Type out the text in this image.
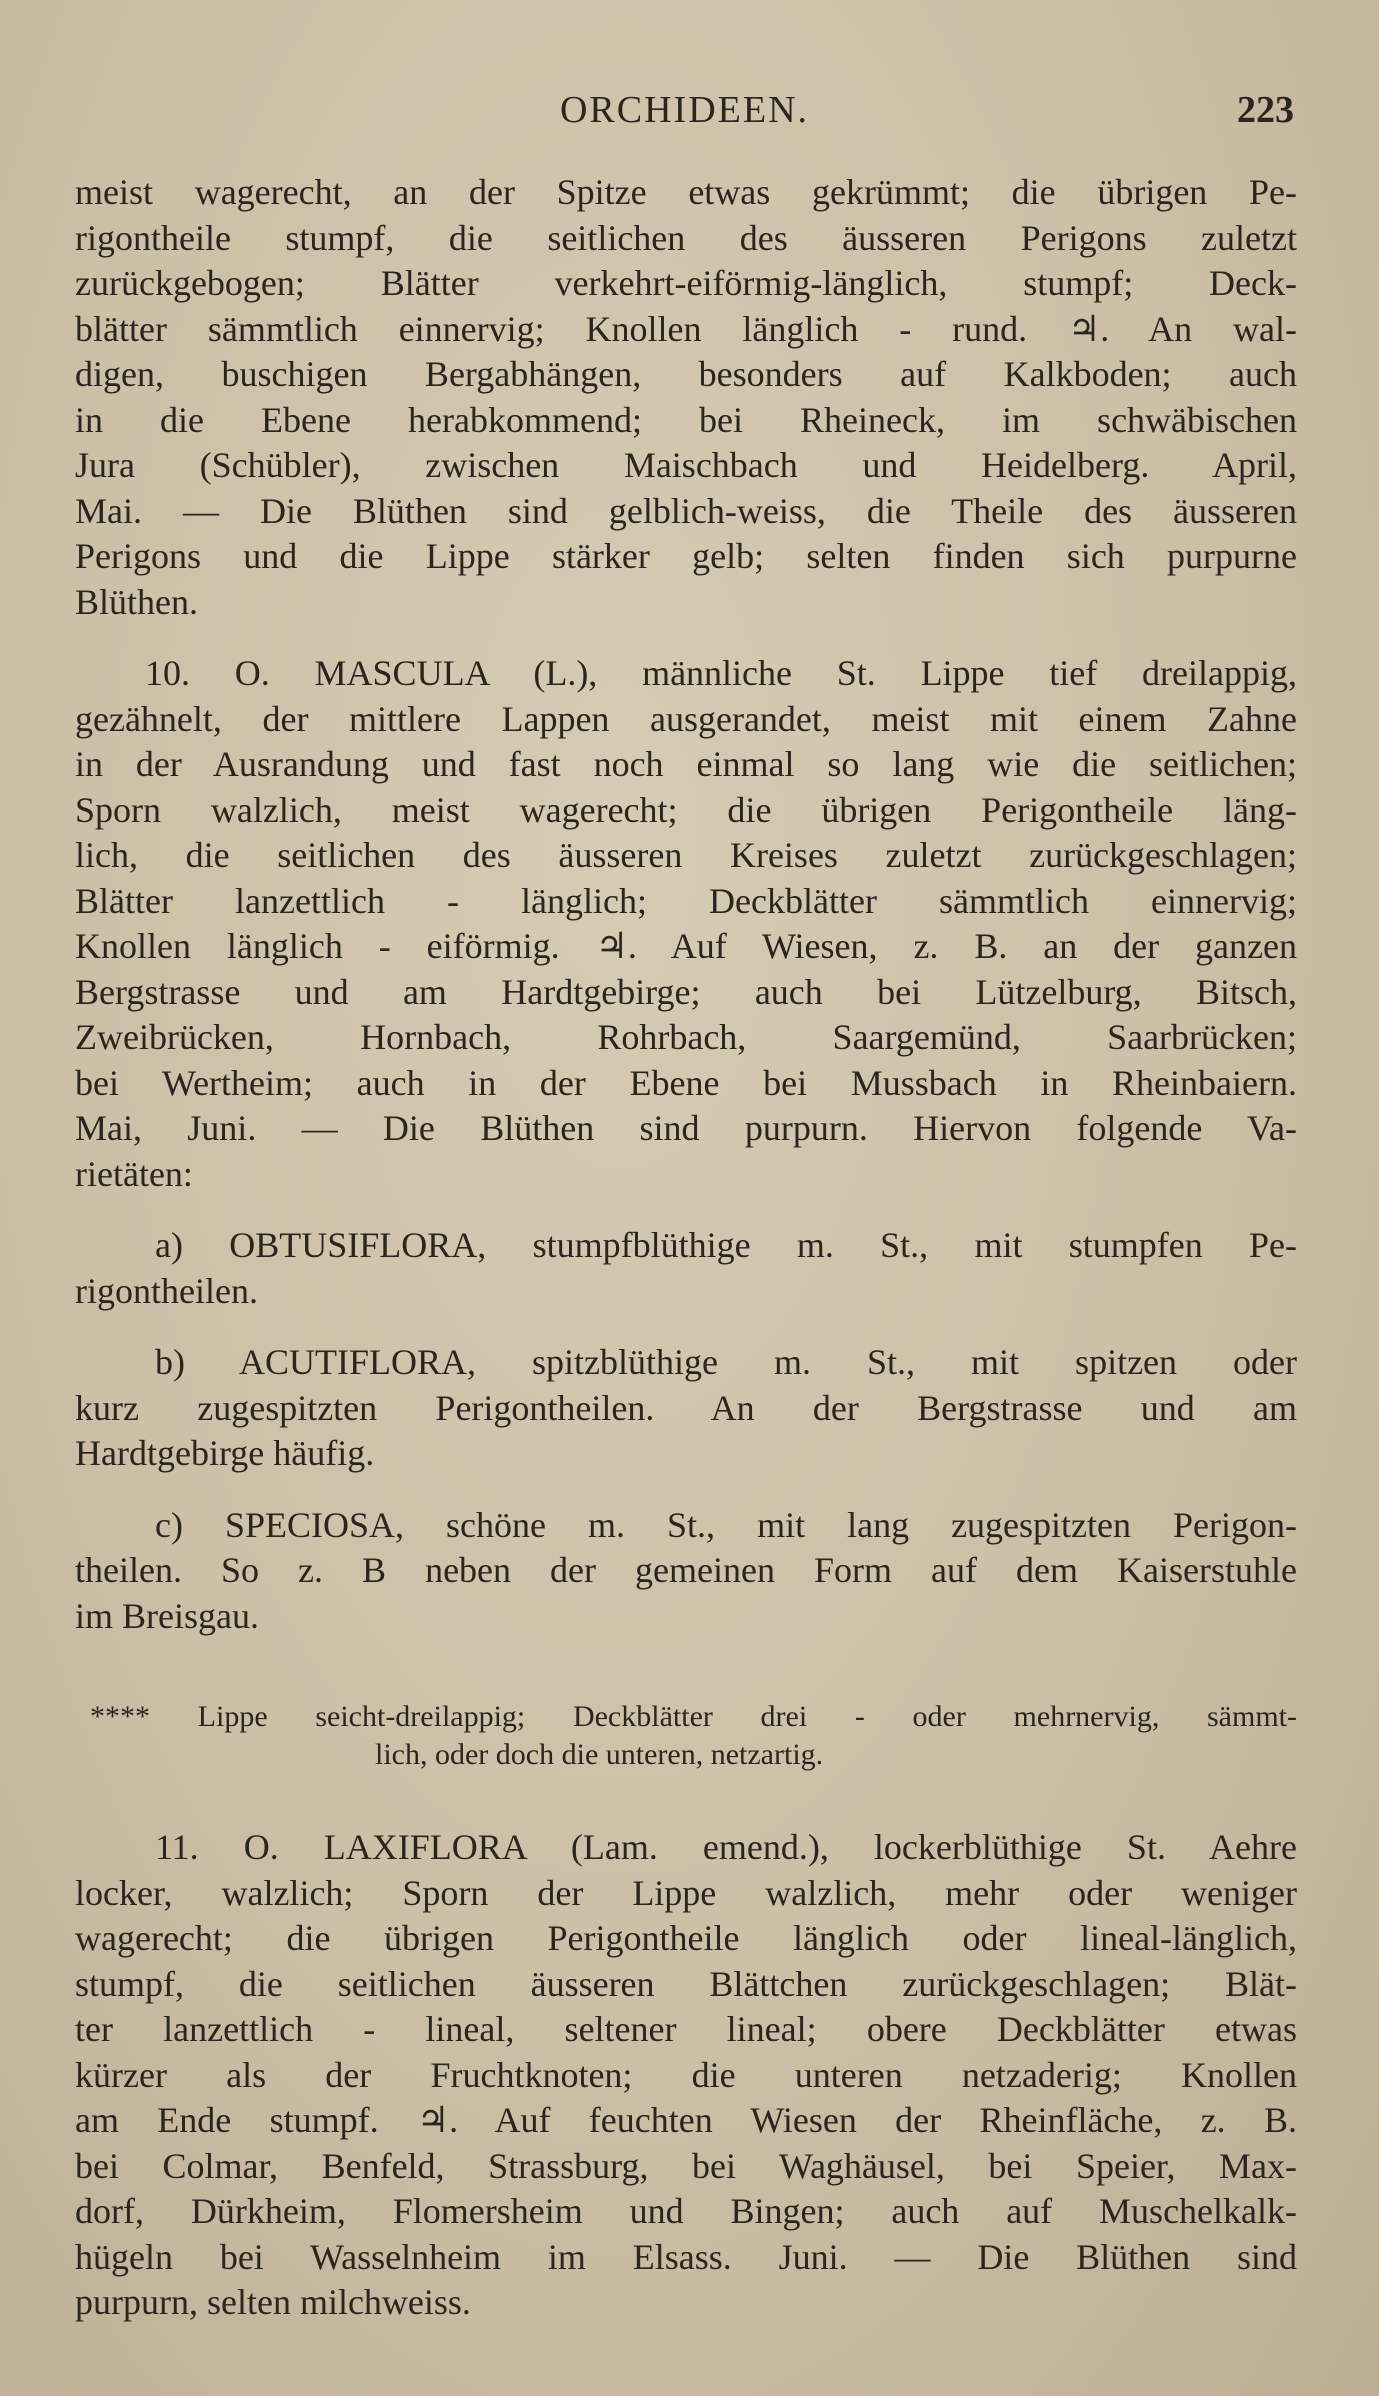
ORCHIDEEN.	223
meist wagerecht, an der Spitze etwas gekrümmt; die übrigen Pe-
rigontheile stumpf, die seitlichen des äusseren Perigons zuletzt
zurückgebogen; Blätter verkehrt-eiförmig-länglich, stumpf; Deck-
blätter sämmtlich einnervig; Knollen länglich - rund. ♃. An wal-
digen, buschigen Bergabhängen, besonders auf Kalkboden; auch
in die Ebene herabkommend; bei Rheineck, im schwäbischen
Jura (Schübler), zwischen Maischbach und Heidelberg. April,
Mai. — Die Blüthen sind gelblich-weiss, die Theile des äusseren
Perigons und die Lippe stärker gelb; selten finden sich purpurne
Blüthen.
10. O. MASCULA (L.), männliche St. Lippe tief dreilappig,
gezähnelt, der mittlere Lappen ausgerandet, meist mit einem Zahne
in der Ausrandung und fast noch einmal so lang wie die seitlichen;
Sporn walzlich, meist wagerecht; die übrigen Perigontheile läng-
lich, die seitlichen des äusseren Kreises zuletzt zurückgeschlagen;
Blätter lanzettlich - länglich; Deckblätter sämmtlich einnervig;
Knollen länglich - eiförmig. ♃. Auf Wiesen, z. B. an der ganzen
Bergstrasse und am Hardtgebirge; auch bei Lützelburg, Bitsch,
Zweibrücken, Hornbach, Rohrbach, Saargemünd, Saarbrücken;
bei Wertheim; auch in der Ebene bei Mussbach in Rheinbaiern.
Mai, Juni. — Die Blüthen sind purpurn. Hiervon folgende Va-
rietäten:
a) OBTUSIFLORA, stumpfblüthige m. St., mit stumpfen Pe-
rigontheilen.
b) ACUTIFLORA, spitzblüthige m. St., mit spitzen oder
kurz zugespitzten Perigontheilen. An der Bergstrasse und am
Hardtgebirge häufig.
c) SPECIOSA, schöne m. St., mit lang zugespitzten Perigon-
theilen. So z. B neben der gemeinen Form auf dem Kaiserstuhle
im Breisgau.
**** Lippe seicht-dreilappig; Deckblätter drei - oder mehrnervig, sämmt-
lich, oder doch die unteren, netzartig.
11. O. LAXIFLORA (Lam. emend.), lockerblüthige St. Aehre
locker, walzlich; Sporn der Lippe walzlich, mehr oder weniger
wagerecht; die übrigen Perigontheile länglich oder lineal-länglich,
stumpf, die seitlichen äusseren Blättchen zurückgeschlagen; Blät-
ter lanzettlich - lineal, seltener lineal; obere Deckblätter etwas
kürzer als der Fruchtknoten; die unteren netzaderig; Knollen
am Ende stumpf. ♃. Auf feuchten Wiesen der Rheinfläche, z. B.
bei Colmar, Benfeld, Strassburg, bei Waghäusel, bei Speier, Max-
dorf, Dürkheim, Flomersheim und Bingen; auch auf Muschelkalk-
hügeln bei Wasselnheim im Elsass. Juni. — Die Blüthen sind
purpurn, selten milchweiss.
